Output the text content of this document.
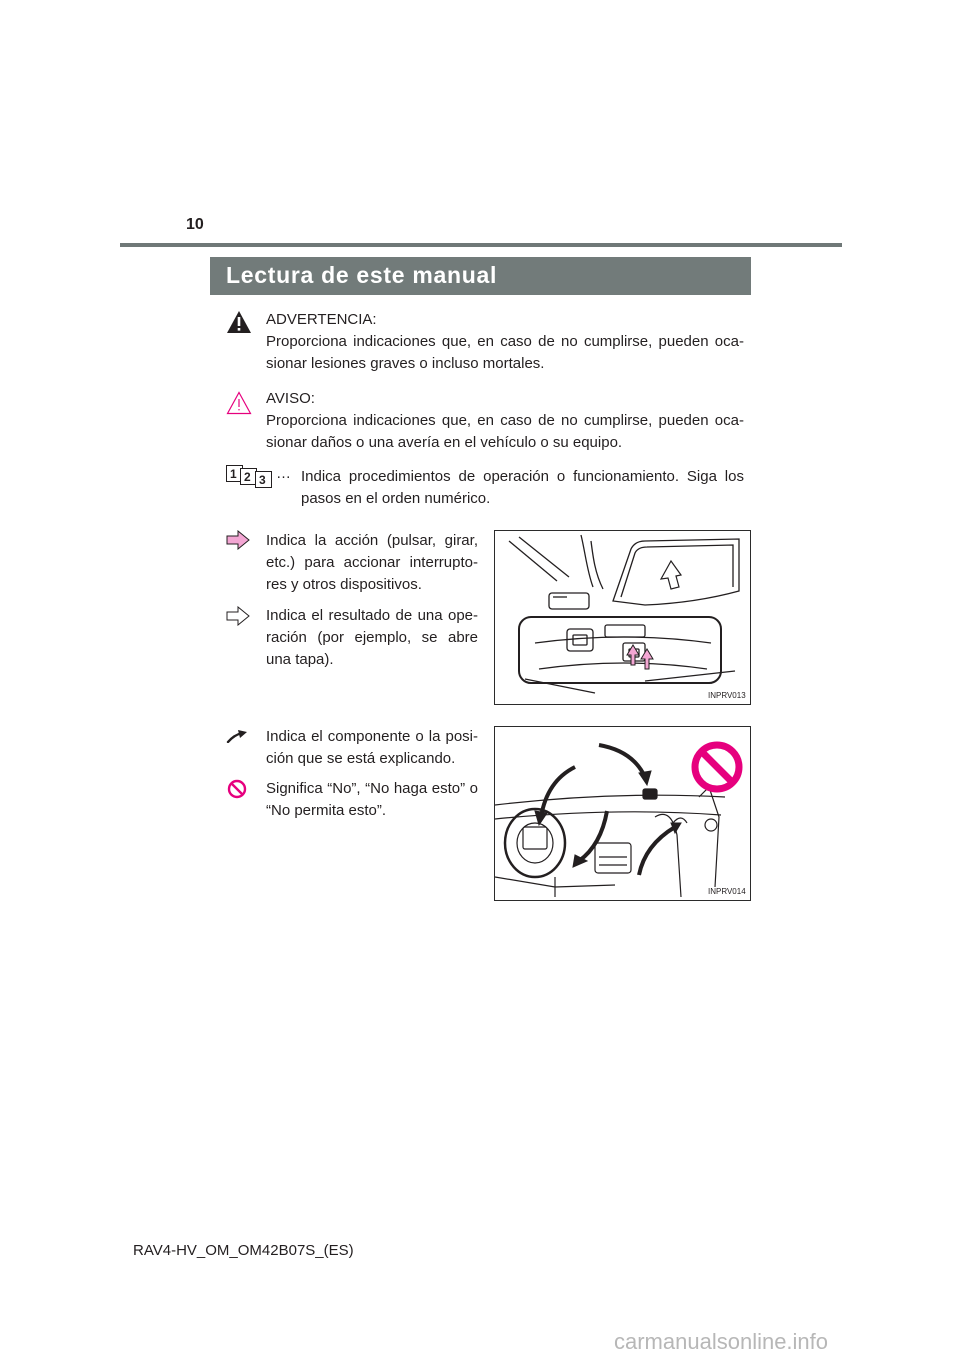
10
Lectura de este manual
ADVERTENCIA:
Proporciona indicaciones que, en caso de no cumplirse, pueden oca-
sionar lesiones graves o incluso mortales.
AVISO:
Proporciona indicaciones que, en caso de no cumplirse, pueden oca-
sionar daños o una avería en el vehículo o su equipo.
1 2 3 … Indica procedimientos de operación o funcionamiento. Siga los
pasos en el orden numérico.
Indica la acción (pulsar, girar,
etc.) para accionar interrupto-
res y otros dispositivos.
Indica el resultado de una ope-
ración (por ejemplo, se abre
una tapa).
INPRV013
Indica el componente o la posi-
ción que se está explicando.
Significa “No”, “No haga esto” o
“No permita esto”.
INPRV014
RAV4-HV_OM_OM42B07S_(ES)
carmanualsonline.info
